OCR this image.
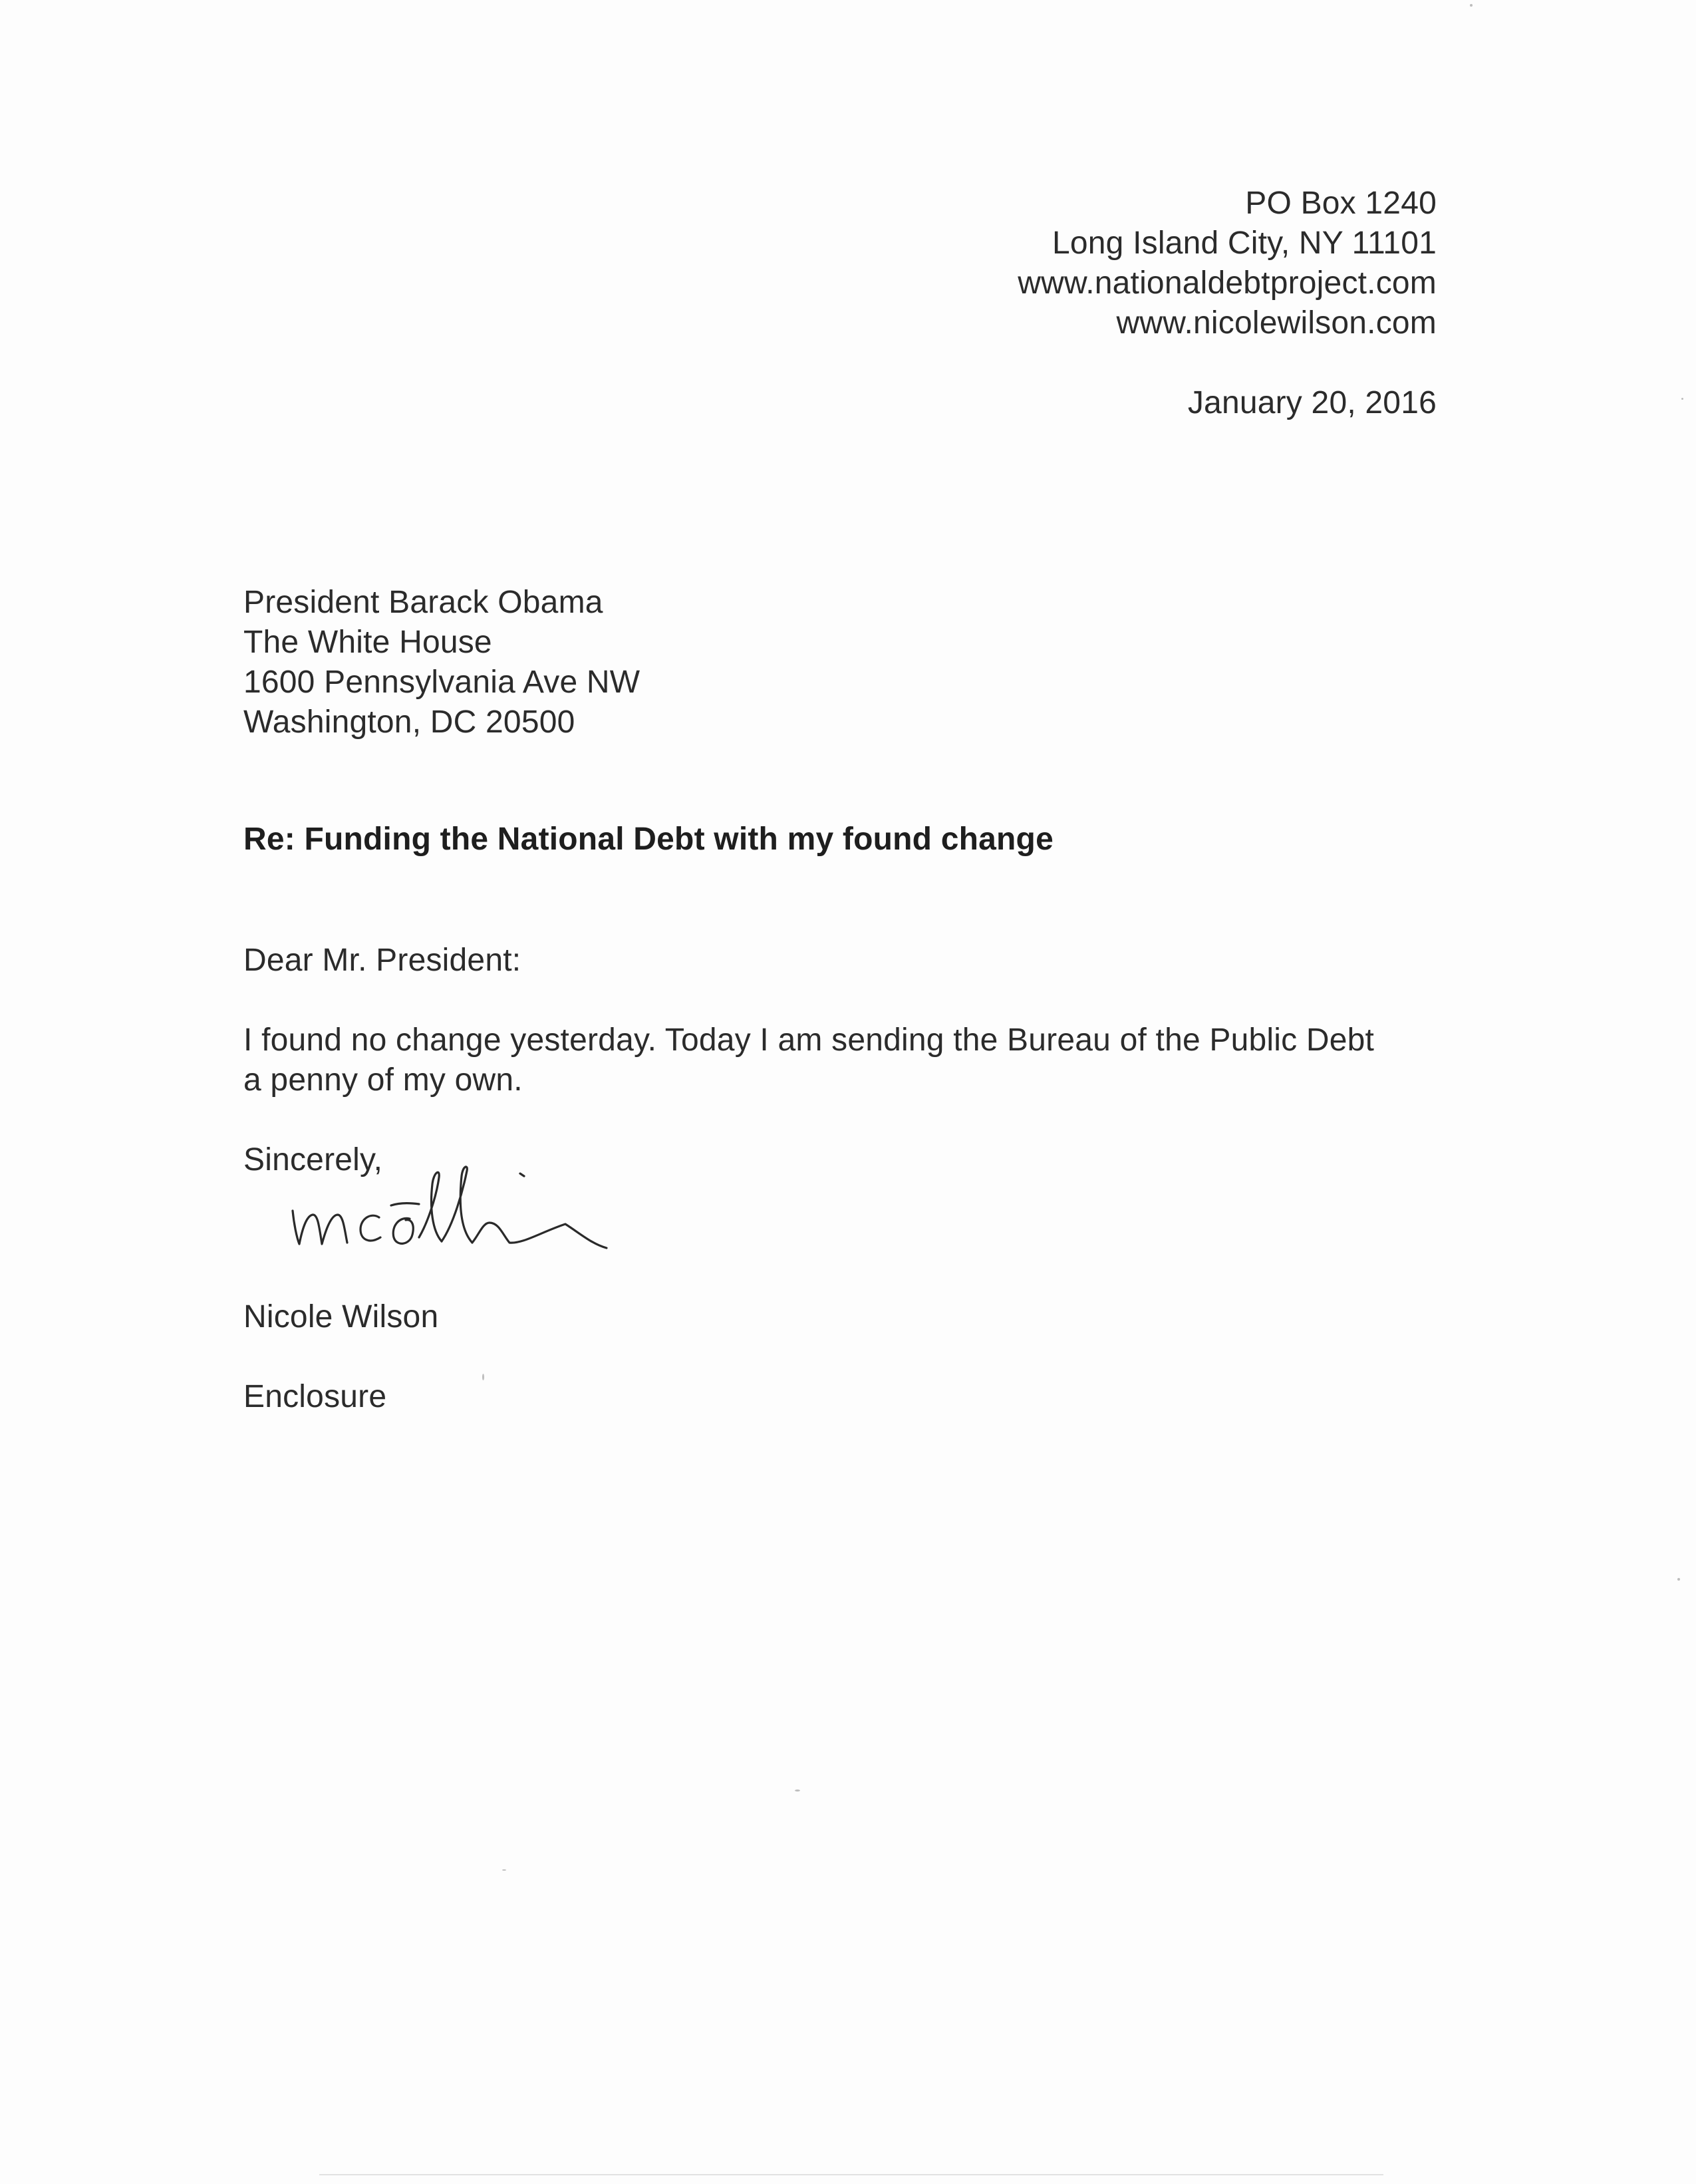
PO Box 1240
Long Island City, NY 11101
www.nationaldebtproject.com
www.nicolewilson.com
January 20, 2016
President Barack Obama
The White House
1600 Pennsylvania Ave NW
Washington, DC 20500
Re: Funding the National Debt with my found change
Dear Mr. President:
I found no change yesterday. Today I am sending the Bureau of the Public Debt
a penny of my own.
Sincerely,
Nicole Wilson
Enclosure
